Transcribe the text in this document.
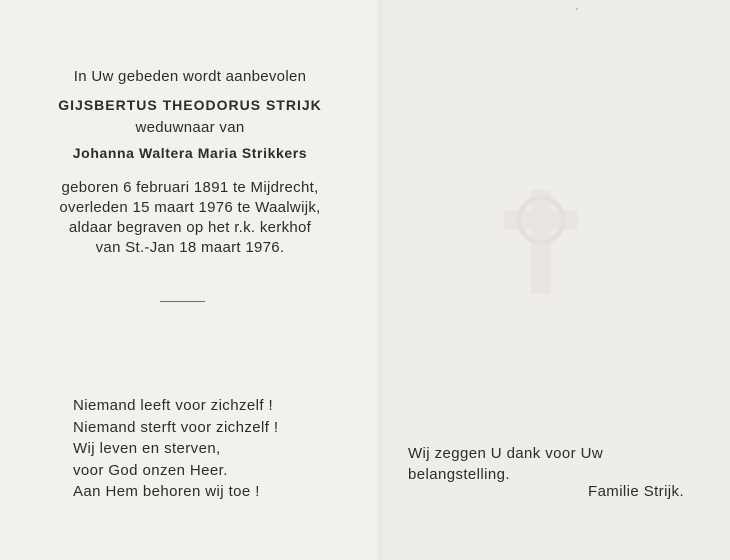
In Uw gebeden wordt aanbevolen
GIJSBERTUS THEODORUS STRIJK
weduwnaar van
Johanna Waltera Maria Strikkers
geboren 6 februari 1891 te Mijdrecht,
overleden 15 maart 1976 te Waalwijk,
aldaar begraven op het r.k. kerkhof
van St.-Jan 18 maart 1976.
Niemand leeft voor zichzelf !
Niemand sterft voor zichzelf !
Wij leven en sterven,
voor God onzen Heer.
Aan Hem behoren wij toe !
Wij zeggen U dank voor Uw
belangstelling.
Familie Strijk.
